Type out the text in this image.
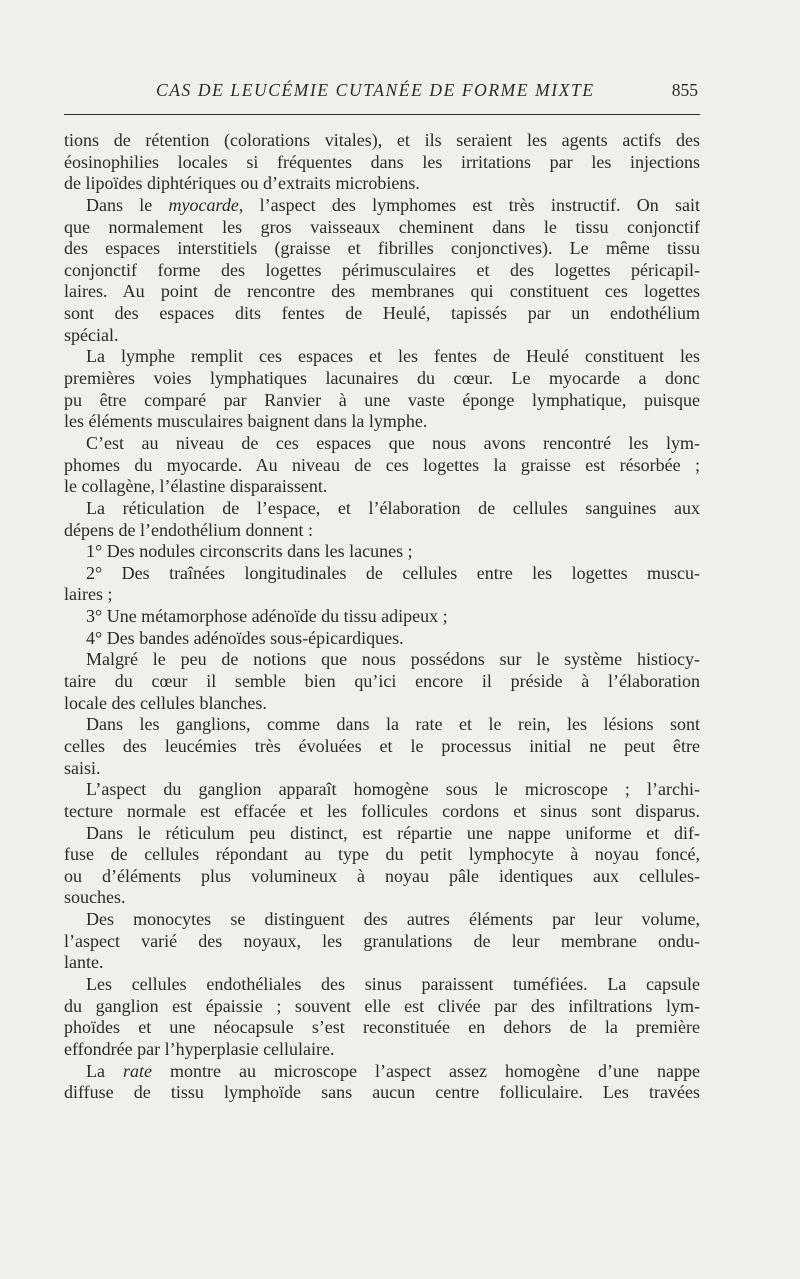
CAS DE LEUCÉMIE CUTANÉE DE FORME MIXTE	855
tions de rétention (colorations vitales), et ils seraient les agents actifs des
éosinophilies locales si fréquentes dans les irritations par les injections
de lipoïdes diphtériques ou d’extraits microbiens.
Dans le myocarde, l’aspect des lymphomes est très instructif. On sait
que normalement les gros vaisseaux cheminent dans le tissu conjonctif
des espaces interstitiels (graisse et fibrilles conjonctives). Le même tissu
conjonctif forme des logettes périmusculaires et des logettes péricapil-
laires. Au point de rencontre des membranes qui constituent ces logettes
sont des espaces dits fentes de Heulé, tapissés par un endothélium
spécial.
La lymphe remplit ces espaces et les fentes de Heulé constituent les
premières voies lymphatiques lacunaires du cœur. Le myocarde a donc
pu être comparé par Ranvier à une vaste éponge lymphatique, puisque
les éléments musculaires baignent dans la lymphe.
C’est au niveau de ces espaces que nous avons rencontré les lym-
phomes du myocarde. Au niveau de ces logettes la graisse est résorbée ;
le collagène, l’élastine disparaissent.
La réticulation de l’espace, et l’élaboration de cellules sanguines aux
dépens de l’endothélium donnent :
1° Des nodules circonscrits dans les lacunes ;
2° Des traînées longitudinales de cellules entre les logettes muscu-
laires ;
3° Une métamorphose adénoïde du tissu adipeux ;
4° Des bandes adénoïdes sous-épicardiques.
Malgré le peu de notions que nous possédons sur le système histiocy-
taire du cœur il semble bien qu’ici encore il préside à l’élaboration
locale des cellules blanches.
Dans les ganglions, comme dans la rate et le rein, les lésions sont
celles des leucémies très évoluées et le processus initial ne peut être
saisi.
L’aspect du ganglion apparaît homogène sous le microscope ; l’archi-
tecture normale est effacée et les follicules cordons et sinus sont disparus.
Dans le réticulum peu distinct, est répartie une nappe uniforme et dif-
fuse de cellules répondant au type du petit lymphocyte à noyau foncé,
ou d’éléments plus volumineux à noyau pâle identiques aux cellules-
souches.
Des monocytes se distinguent des autres éléments par leur volume,
l’aspect varié des noyaux, les granulations de leur membrane ondu-
lante.
Les cellules endothéliales des sinus paraissent tuméfiées. La capsule
du ganglion est épaissie ; souvent elle est clivée par des infiltrations lym-
phoïdes et une néocapsule s’est reconstituée en dehors de la première
effondrée par l’hyperplasie cellulaire.
La rate montre au microscope l’aspect assez homogène d’une nappe
diffuse de tissu lymphoïde sans aucun centre folliculaire. Les travées
